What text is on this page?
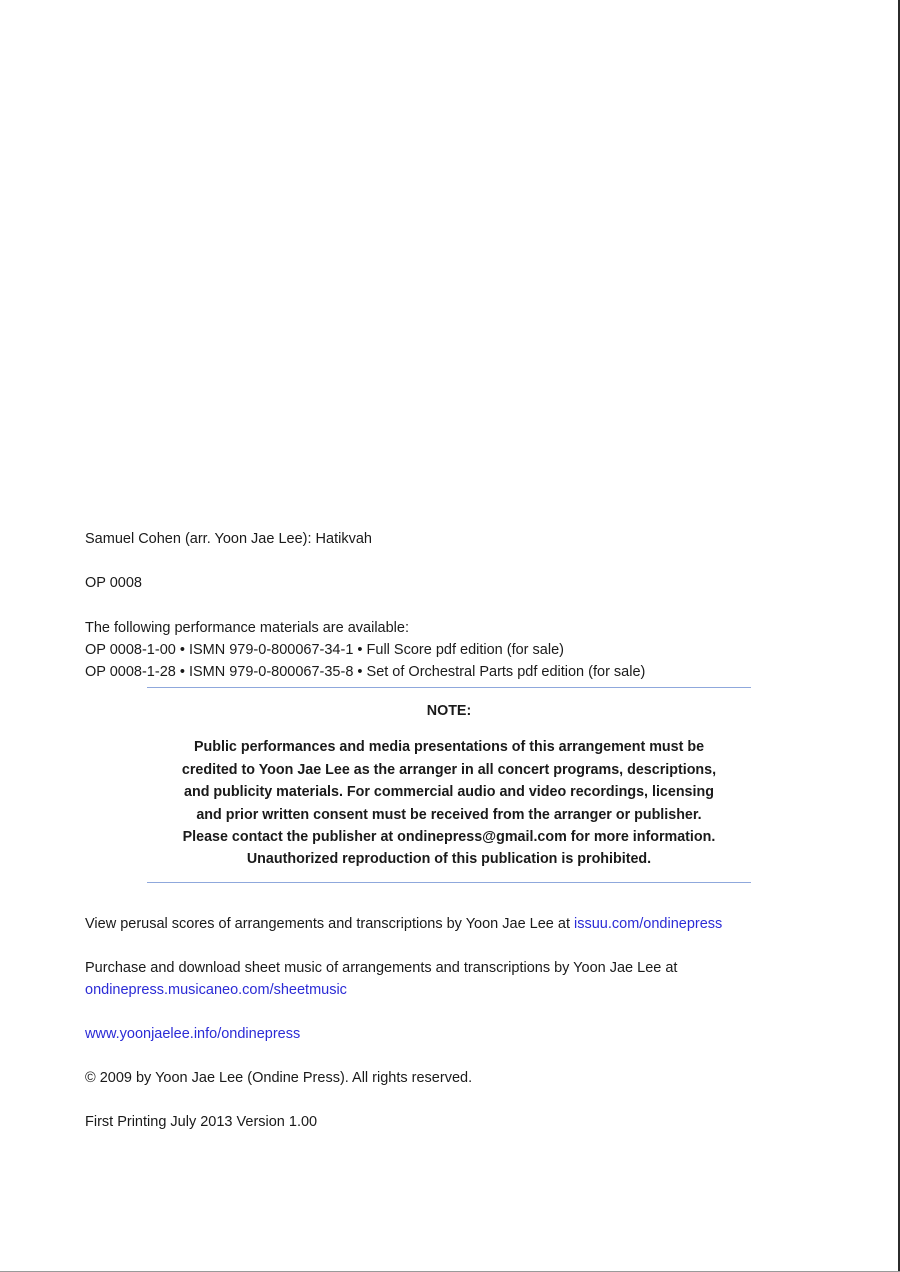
Samuel Cohen (arr. Yoon Jae Lee): Hatikvah
OP 0008
The following performance materials are available:
OP 0008-1-00 • ISMN 979-0-800067-34-1 • Full Score pdf edition (for sale)
OP 0008-1-28 • ISMN 979-0-800067-35-8 • Set of Orchestral Parts pdf edition (for sale)
NOTE:
Public performances and media presentations of this arrangement must be
credited to Yoon Jae Lee as the arranger in all concert programs, descriptions,
and publicity materials. For commercial audio and video recordings, licensing
and prior written consent must be received from the arranger or publisher.
Please contact the publisher at ondinepress@gmail.com for more information.
Unauthorized reproduction of this publication is prohibited.
View perusal scores of arrangements and transcriptions by Yoon Jae Lee at issuu.com/ondinepress
Purchase and download sheet music of arrangements and transcriptions by Yoon Jae Lee at
ondinepress.musicaneo.com/sheetmusic
www.yoonjaelee.info/ondinepress
© 2009 by Yoon Jae Lee (Ondine Press). All rights reserved.
First Printing July 2013 Version 1.00
